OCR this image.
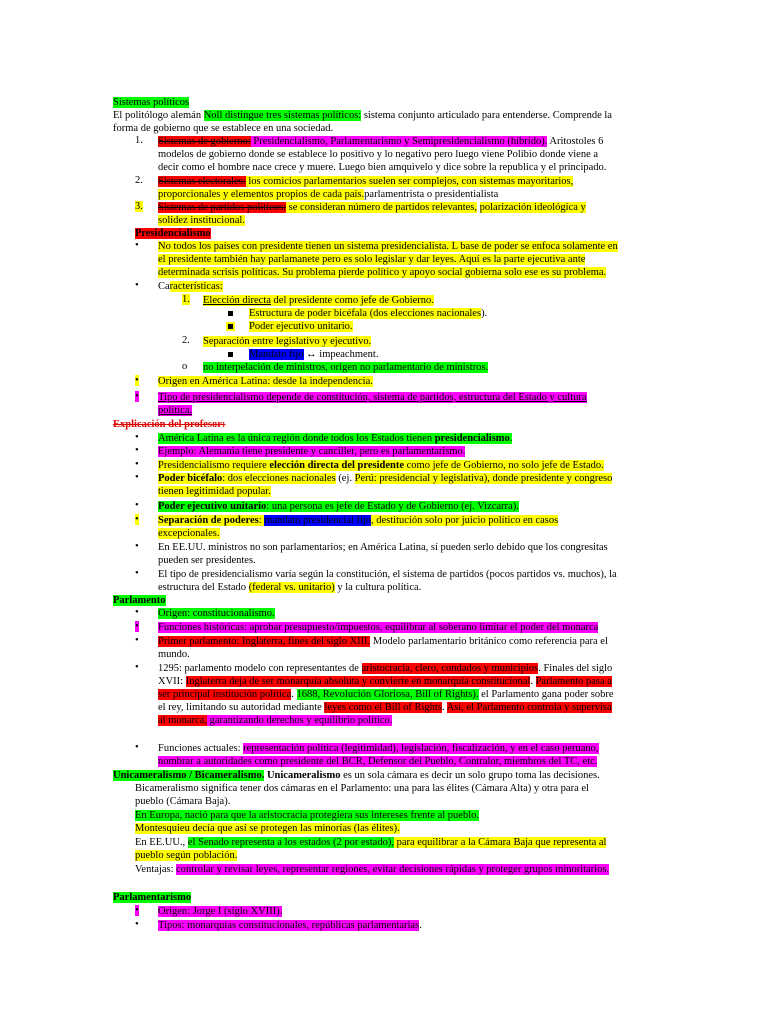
Sistemas políticos
El politólogo alemán Noll distingue tres sistemas políticos: sistema conjunto articulado para entenderse. Comprende la
forma de gobierno que se establece en una sociedad.
1. Sistemas de gobierno: Presidencialismo, Parlamentarismo y Semipresidencialismo (híbrido). Aritostoles 6
modelos de gobierno donde se establece lo positivo y lo negativo pero luego viene Polibio donde viene a
decir como el hombre nace crece y muere. Luego bien amquivelo y dice sobre la republica y el principado.
2. Sistemas electorales: los comicios parlamentarios suelen ser complejos, con sistemas mayoritarios,
proporcionales y elementos propios de cada país.parlamentrista o presidentialista
3. Sistemas de partidos políticos: se consideran número de partidos relevantes, polarización ideológica y
solidez institucional.
Presidencialismo
• No todos los países con presidente tienen un sistema presidencialista. L base de poder se enfoca solamente en
el presidente también hay parlamanete pero es solo legislar y dar leyes. Aquí es la parte ejecutiva ante
determinada scrisis políticas. Su problema pierde político y apoyo social gobierna solo ese es su problema.
• Características:
1. Elección directa del presidente como jefe de Gobierno.
Estructura de poder bicéfala (dos elecciones nacionales).
Poder ejecutivo unitario.
2. Separación entre legislativo y ejecutivo.
Mandato fijo ↔ impeachment.
o no interpelación de ministros, origen no parlamentario de ministros.
• Origen en América Latina: desde la independencia.
• Tipo de presidencialismo depende de constitución, sistema de partidos, estructura del Estado y cultura
política.
Explicación del profesor:
• América Latina es la única región donde todos los Estados tienen presidencialismo.
• Ejemplo: Alemania tiene presidente y canciller, pero es parlamentarismo.
• Presidencialismo requiere elección directa del presidente como jefe de Gobierno, no solo jefe de Estado.
• Poder bicéfalo: dos elecciones nacionales (ej. Perú: presidencial y legislativa), donde presidente y congreso
tienen legitimidad popular.
• Poder ejecutivo unitario: una persona es jefe de Estado y de Gobierno (ej. Vizcarra).
• Separación de poderes: mandato presidencial fijo, destitución solo por juicio político en casos
excepcionales.
• En EE.UU. ministros no son parlamentarios; en América Latina, sí pueden serlo debido que los congresitas
pueden ser presidentes.
• El tipo de presidencialismo varía según la constitución, el sistema de partidos (pocos partidos vs. muchos), la
estructura del Estado (federal vs. unitario) y la cultura política.
Parlamento
• Origen: constitucionalismo.
• Funciones históricas: aprobar presupuesto/impuestos, equilibrar al soberano limitar el poder del monarca
• Primer parlamento: Inglaterra, fines del siglo XIII. Modelo parlamentario británico como referencia para el
mundo.
• 1295: parlamento modelo con representantes de aristocracia, clero, condados y municipios. Finales del siglo
XVII: Inglaterra deja de ser monarquía absoluta y convierte en monarquía constitucional. Parlamento pasa a
ser principal institución política. 1688, Revolución Gloriosa, Bill of Rights). el Parlamento gana poder sobre
el rey, limitando su autoridad mediante leyes como el Bill of Rights. Así, el Parlamento controla y supervisa
al monarca, garantizando derechos y equilibrio político.
• Funciones actuales: representación política (legitimidad), legislación, fiscalización, y en el caso peruano,
nombrar a autoridades como presidente del BCR, Defensor del Pueblo, Contralor, miembros del TC, etc.
Unicameralismo / Bicameralismo. Unicameralismo es un sola cámara es decir un solo grupo toma las decisiones.
Bicameralismo significa tener dos cámaras en el Parlamento: una para las élites (Cámara Alta) y otra para el
pueblo (Cámara Baja).
En Europa, nació para que la aristocracia protegiera sus intereses frente al pueblo.
Montesquieu decía que así se protegen las minorías (las élites).
En EE.UU., el Senado representa a los estados (2 por estado), para equilibrar a la Cámara Baja que representa al
pueblo según población.
Ventajas: controlar y revisar leyes, representar regiones, evitar decisiones rápidas y proteger grupos minoritarios.
Parlamentarismo
• Origen: Jorge I (siglo XVIII).
• Tipos: monarquías constitucionales, repúblicas parlamentarias.
